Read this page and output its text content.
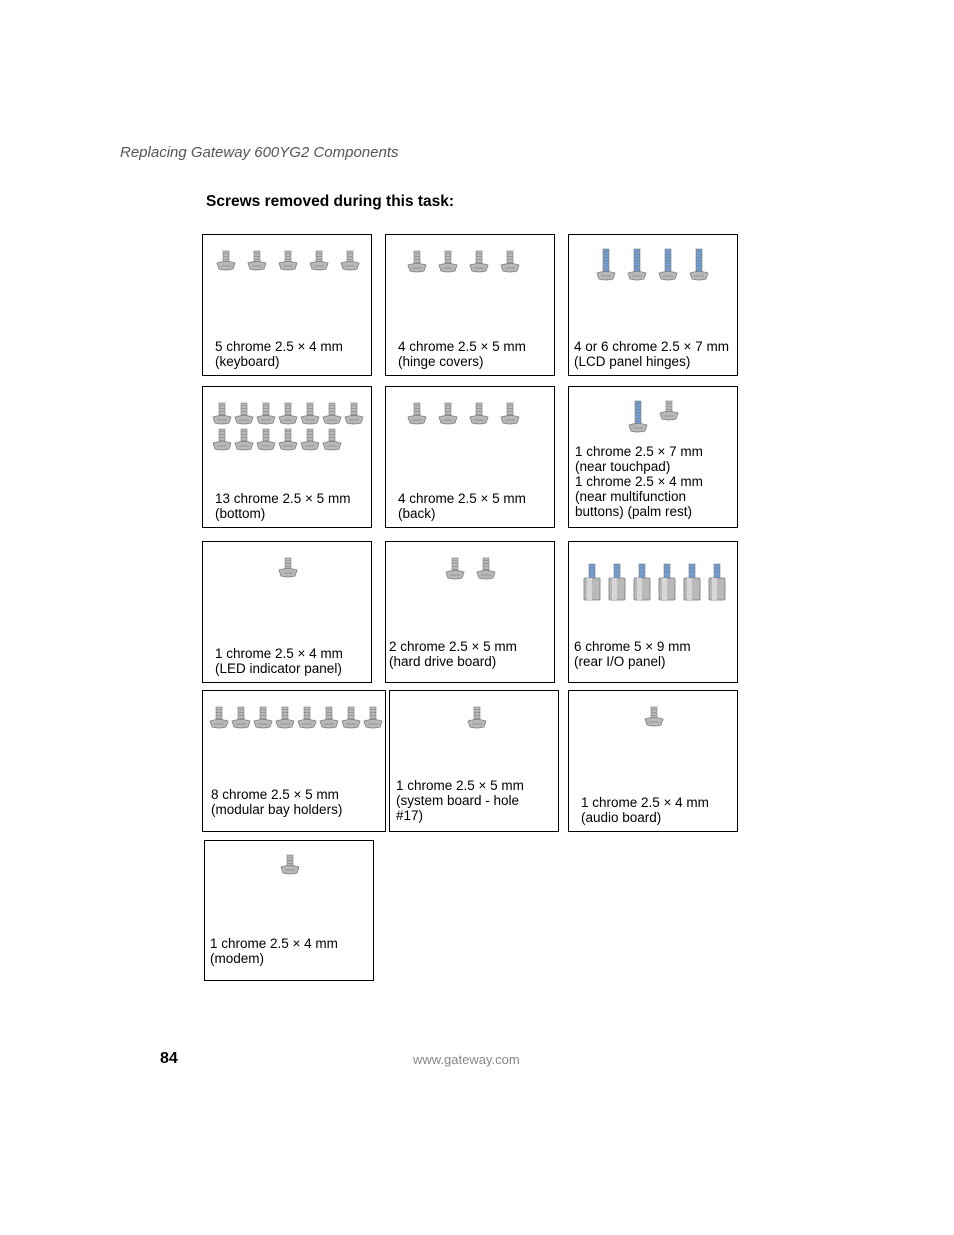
Replacing Gateway 600YG2 Components
Screws removed during this task:
5 chrome 2.5 × 4 mm
(keyboard)
4 chrome 2.5 × 5 mm
(hinge covers)
4 or 6 chrome 2.5 × 7 mm
(LCD panel hinges)
13 chrome 2.5 × 5 mm
(bottom)
4 chrome 2.5 × 5 mm
(back)
1 chrome 2.5 × 7 mm
(near touchpad)
1 chrome 2.5 × 4 mm
(near multifunction
buttons) (palm rest)
1 chrome 2.5 × 4 mm
(LED indicator panel)
2 chrome 2.5 × 5 mm
(hard drive board)
6 chrome 5 × 9 mm
(rear I/O panel)
8 chrome 2.5 × 5 mm
(modular bay holders)
1 chrome 2.5 × 5 mm
(system board - hole
#17)
1 chrome 2.5 × 4 mm
(audio board)
1 chrome 2.5 × 4 mm
(modem)
84	www.gateway.com
